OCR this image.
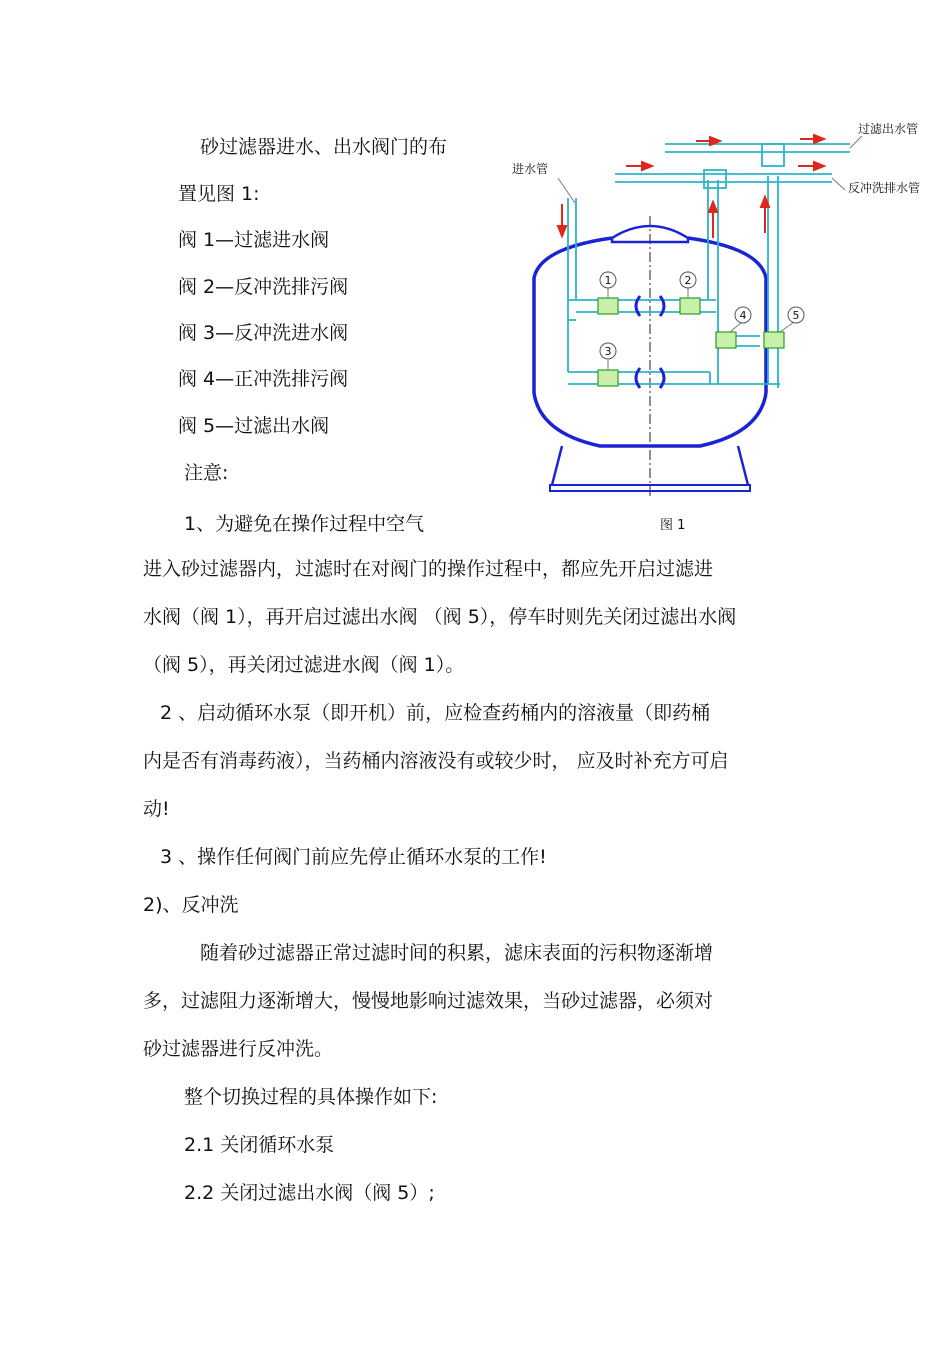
砂过滤器进水、出水阀门的布
置见图 1:
阀 1—过滤进水阀
阀 2—反冲洗排污阀
阀 3—反冲洗进水阀
阀 4—正冲洗排污阀
阀 5—过滤出水阀
注意:
1、为避免在操作过程中空气
进入砂过滤器内，过滤时在对阀门的操作过程中，都应先开启过滤进
水阀（阀 1），再开启过滤出水阀 （阀 5），停车时则先关闭过滤出水阀
（阀 5），再关闭过滤进水阀（阀 1）。
2 、启动循环水泵（即开机）前，应检查药桶内的溶液量（即药桶
内是否有消毒药液），当药桶内溶液没有或较少时， 应及时补充方可启
动!
3 、操作任何阀门前应先停止循环水泵的工作!
2)、反冲洗
随着砂过滤器正常过滤时间的积累，滤床表面的污积物逐渐增
多，过滤阻力逐渐增大，慢慢地影响过滤效果，当砂过滤器，必须对
砂过滤器进行反冲洗。
整个切换过程的具体操作如下:
2.1 关闭循环水泵
2.2 关闭过滤出水阀（阀 5）;
1	2
3
4	5
进水管
过滤出水管
反冲洗排水管
图 1
